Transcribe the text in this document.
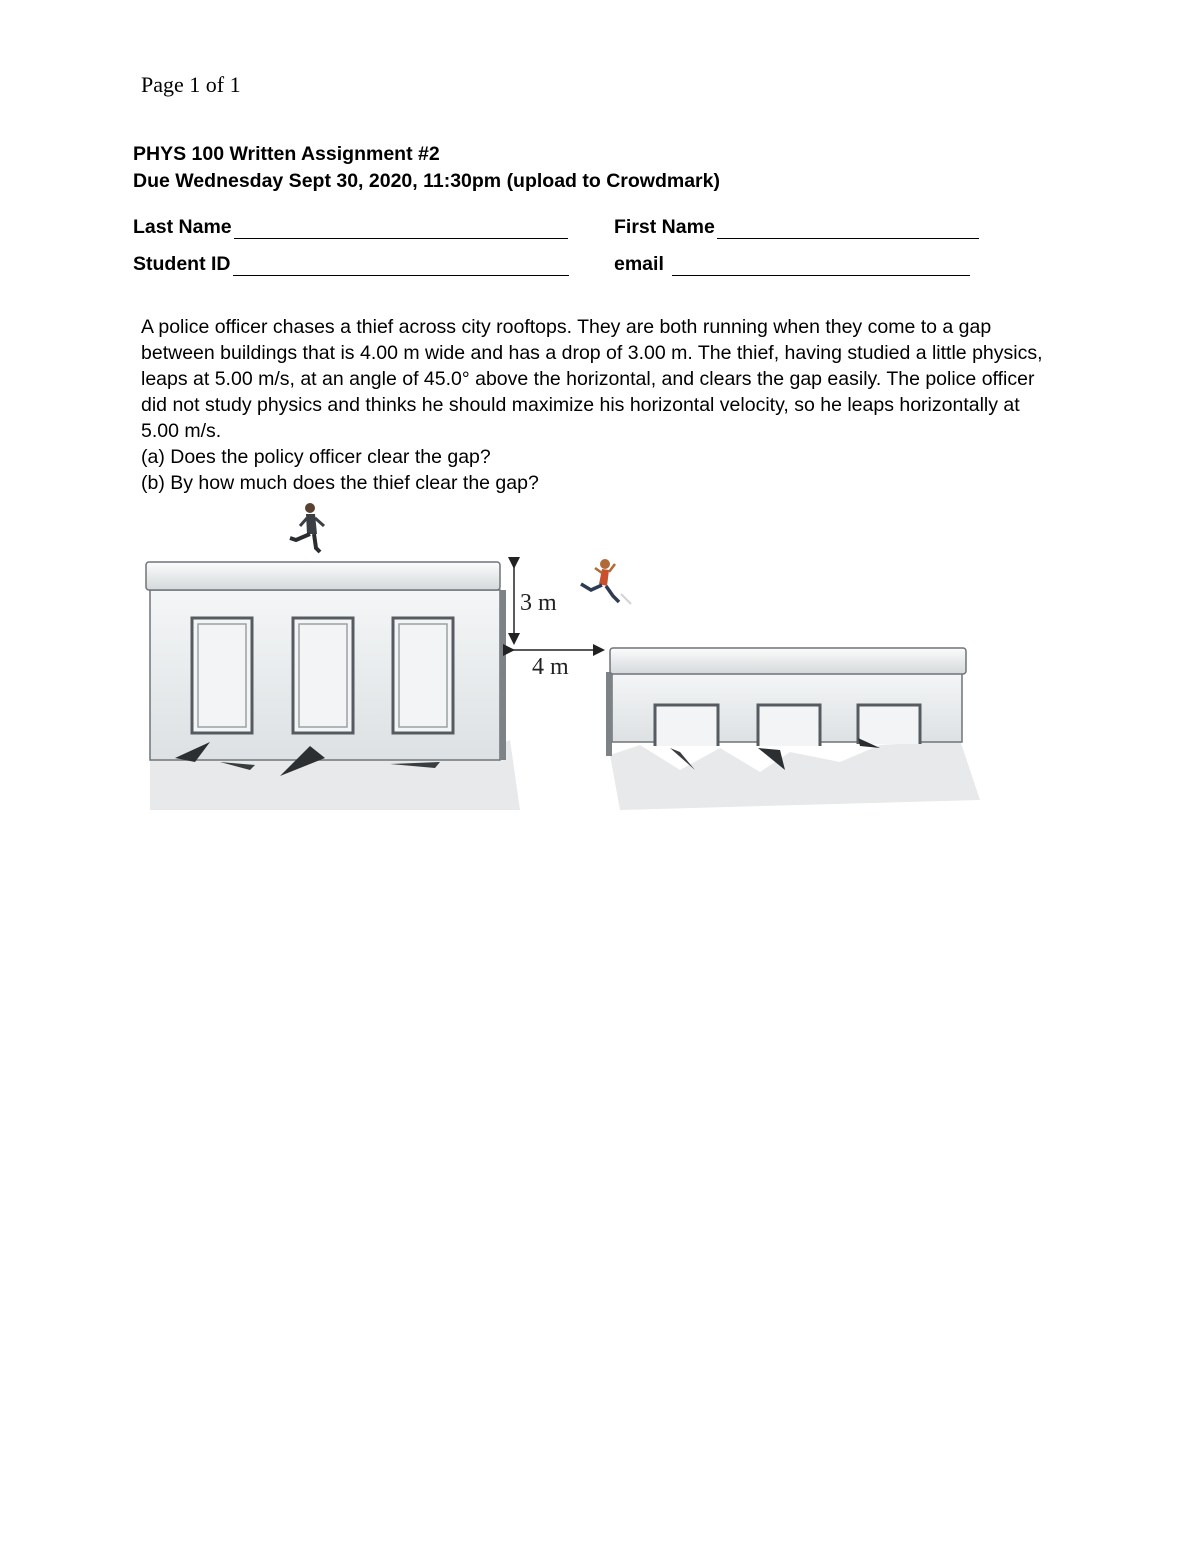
Page 1 of 1
PHYS 100 Written Assignment #2
Due Wednesday Sept 30, 2020, 11:30pm (upload to Crowdmark)
Last Name	First Name
Student ID	email

A police officer chases a thief across city rooftops. They are both running when they come to a gap between buildings that is 4.00 m wide and has a drop of 3.00 m. The thief, having studied a little physics, leaps at 5.00 m/s, at an angle of 45.0° above the horizontal, and clears the gap easily. The police officer did not study physics and thinks he should maximize his horizontal velocity, so he leaps horizontally at 5.00 m/s.

(a) Does the policy officer clear the gap?

(b) By how much does the thief clear the gap?

3 m
4 m
